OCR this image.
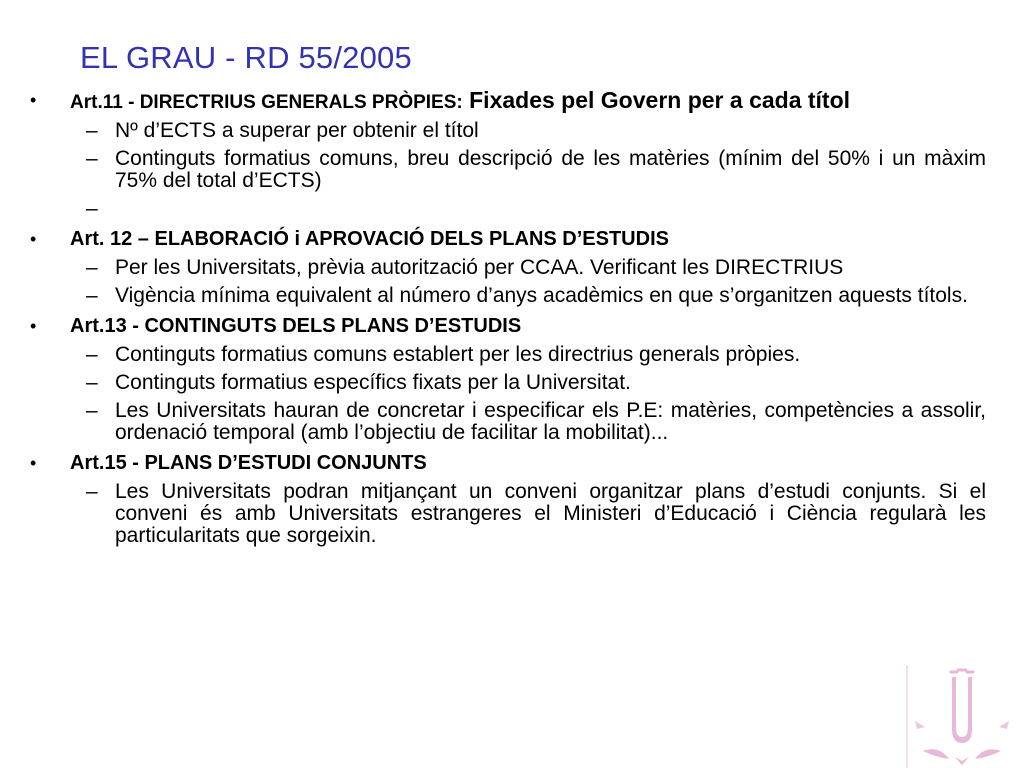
EL GRAU - RD 55/2005
• Art.11 - DIRECTRIUS GENERALS PRÒPIES: Fixades pel Govern per a cada títol
– Nº d’ECTS a superar per obtenir el títol
– Continguts formatius comuns, breu descripció de les matèries (mínim del 50% i un màxim 75% del total d’ECTS)
–
• Art. 12 – ELABORACIÓ i APROVACIÓ DELS PLANS D’ESTUDIS
– Per les Universitats, prèvia autorització per CCAA. Verificant les DIRECTRIUS
– Vigència mínima equivalent al número d’anys acadèmics en que s’organitzen aquests títols.
• Art.13 - CONTINGUTS DELS PLANS D’ESTUDIS
– Continguts formatius comuns establert per les directrius generals pròpies.
– Continguts formatius específics fixats per la Universitat.
– Les Universitats hauran de concretar i especificar els P.E: matèries, competències a assolir, ordenació temporal (amb l’objectiu de facilitar la mobilitat)...
• Art.15 - PLANS D’ESTUDI CONJUNTS
– Les Universitats podran mitjançant un conveni organitzar plans d’estudi conjunts. Si el conveni és amb Universitats estrangeres el Ministeri d’Educació i Ciència regularà les particularitats que sorgeixin.
